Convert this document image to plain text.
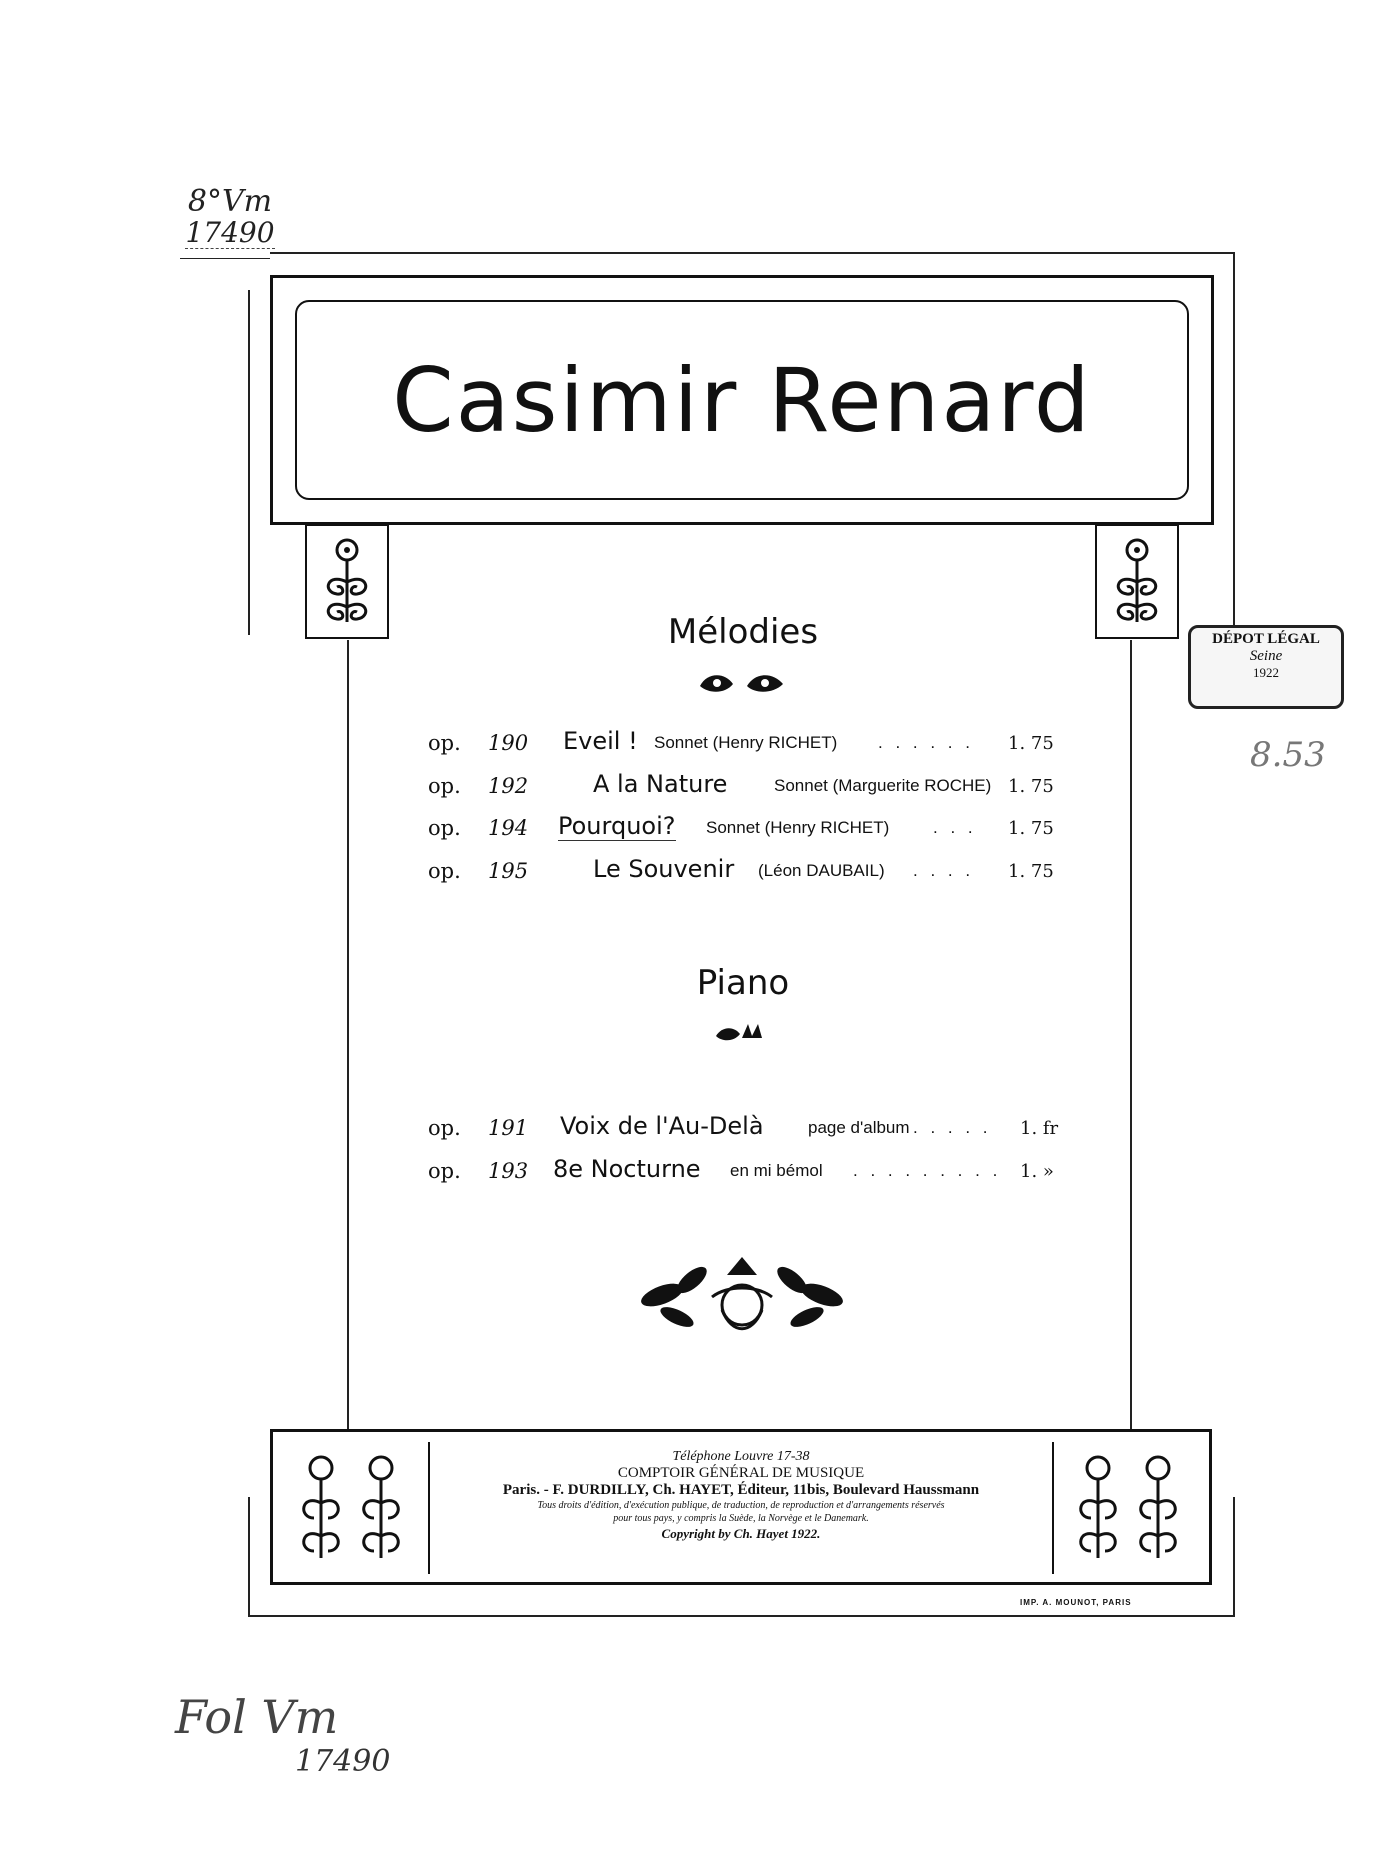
8°Vm
17490
Casimir Renard
DÉPOT LÉGAL
Seine
1922
8.53
Mélodies
op. 190 Eveil ! Sonnet (Henry RICHET) . . . . . . 1. 75
op. 192	A la Nature	Sonnet (Marguerite ROCHE) 1. 75
op. 194 Pourquoi? Sonnet (Henry RICHET)	. . . 1. 75
op. 195	Le Souvenir (Léon DAUBAIL) . . . . 1. 75
Piano
op. 191 Voix de l'Au-Delà	page d'album . . . . . 1. fr
op. 193 8e Nocturne en mi bémol . . . . . . . . . 1. »
Téléphone Louvre 17-38
COMPTOIR GÉNÉRAL DE MUSIQUE
Paris. - F. DURDILLY, Ch. HAYET, Éditeur, 11bis, Boulevard Haussmann
Tous droits d'édition, d'exécution publique, de traduction, de reproduction et d'arrangements réservés
pour tous pays, y compris la Suède, la Norvège et le Danemark.
Copyright by Ch. Hayet 1922.
IMP. A. MOUNOT, PARIS
Fol Vm
17490
